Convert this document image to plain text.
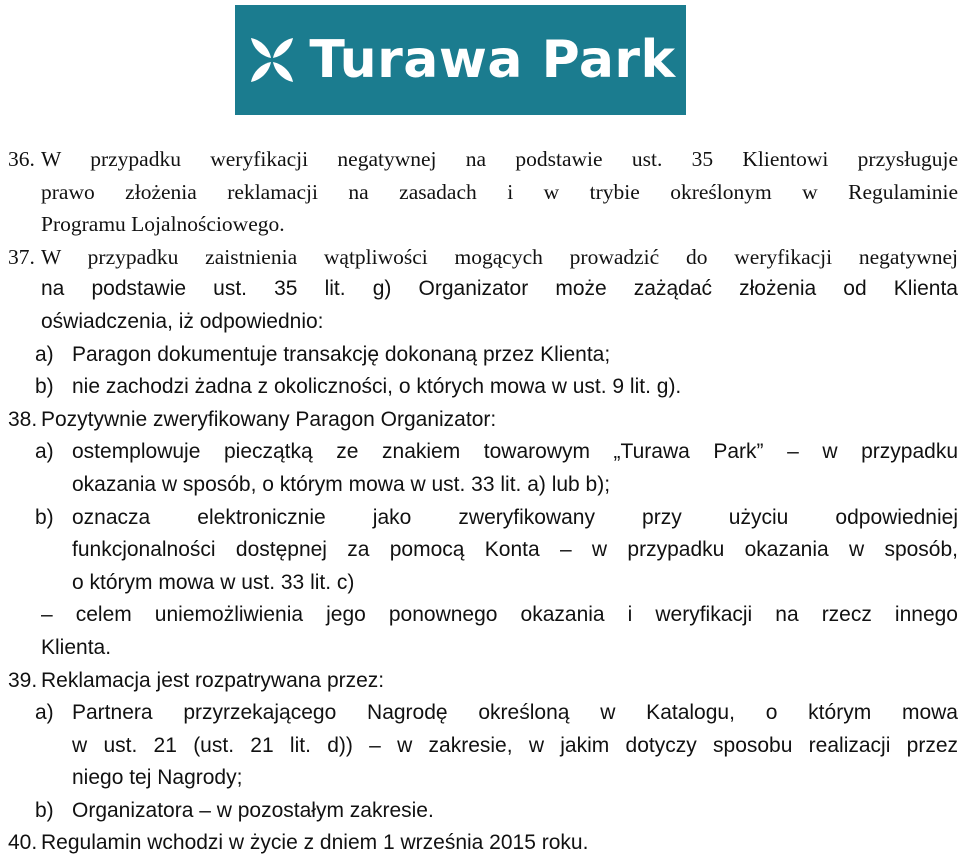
Turawa Park
36. W przypadku weryfikacji negatywnej na podstawie ust. 35 Klientowi przysługuje
prawo złożenia reklamacji na zasadach i w trybie określonym w Regulaminie
Programu Lojalnościowego.
37. W przypadku zaistnienia wątpliwości mogących prowadzić do weryfikacji negatywnej
na podstawie ust. 35 lit. g) Organizator może zażądać złożenia od Klienta
oświadczenia, iż odpowiednio:
a) Paragon dokumentuje transakcję dokonaną przez Klienta;
b) nie zachodzi żadna z okoliczności, o których mowa w ust. 9 lit. g).
38. Pozytywnie zweryfikowany Paragon Organizator:
a) ostemplowuje pieczątką ze znakiem towarowym „Turawa Park” – w przypadku
okazania w sposób, o którym mowa w ust. 33 lit. a) lub b);
b) oznacza elektronicznie jako zweryfikowany przy użyciu odpowiedniej
funkcjonalności dostępnej za pomocą Konta – w przypadku okazania w sposób,
o którym mowa w ust. 33 lit. c)
– celem uniemożliwienia jego ponownego okazania i weryfikacji na rzecz innego
Klienta.
39. Reklamacja jest rozpatrywana przez:
a) Partnera przyrzekającego Nagrodę określoną w Katalogu, o którym mowa
w ust. 21 (ust. 21 lit. d)) – w zakresie, w jakim dotyczy sposobu realizacji przez
niego tej Nagrody;
b) Organizatora – w pozostałym zakresie.
40. Regulamin wchodzi w życie z dniem 1 września 2015 roku.
